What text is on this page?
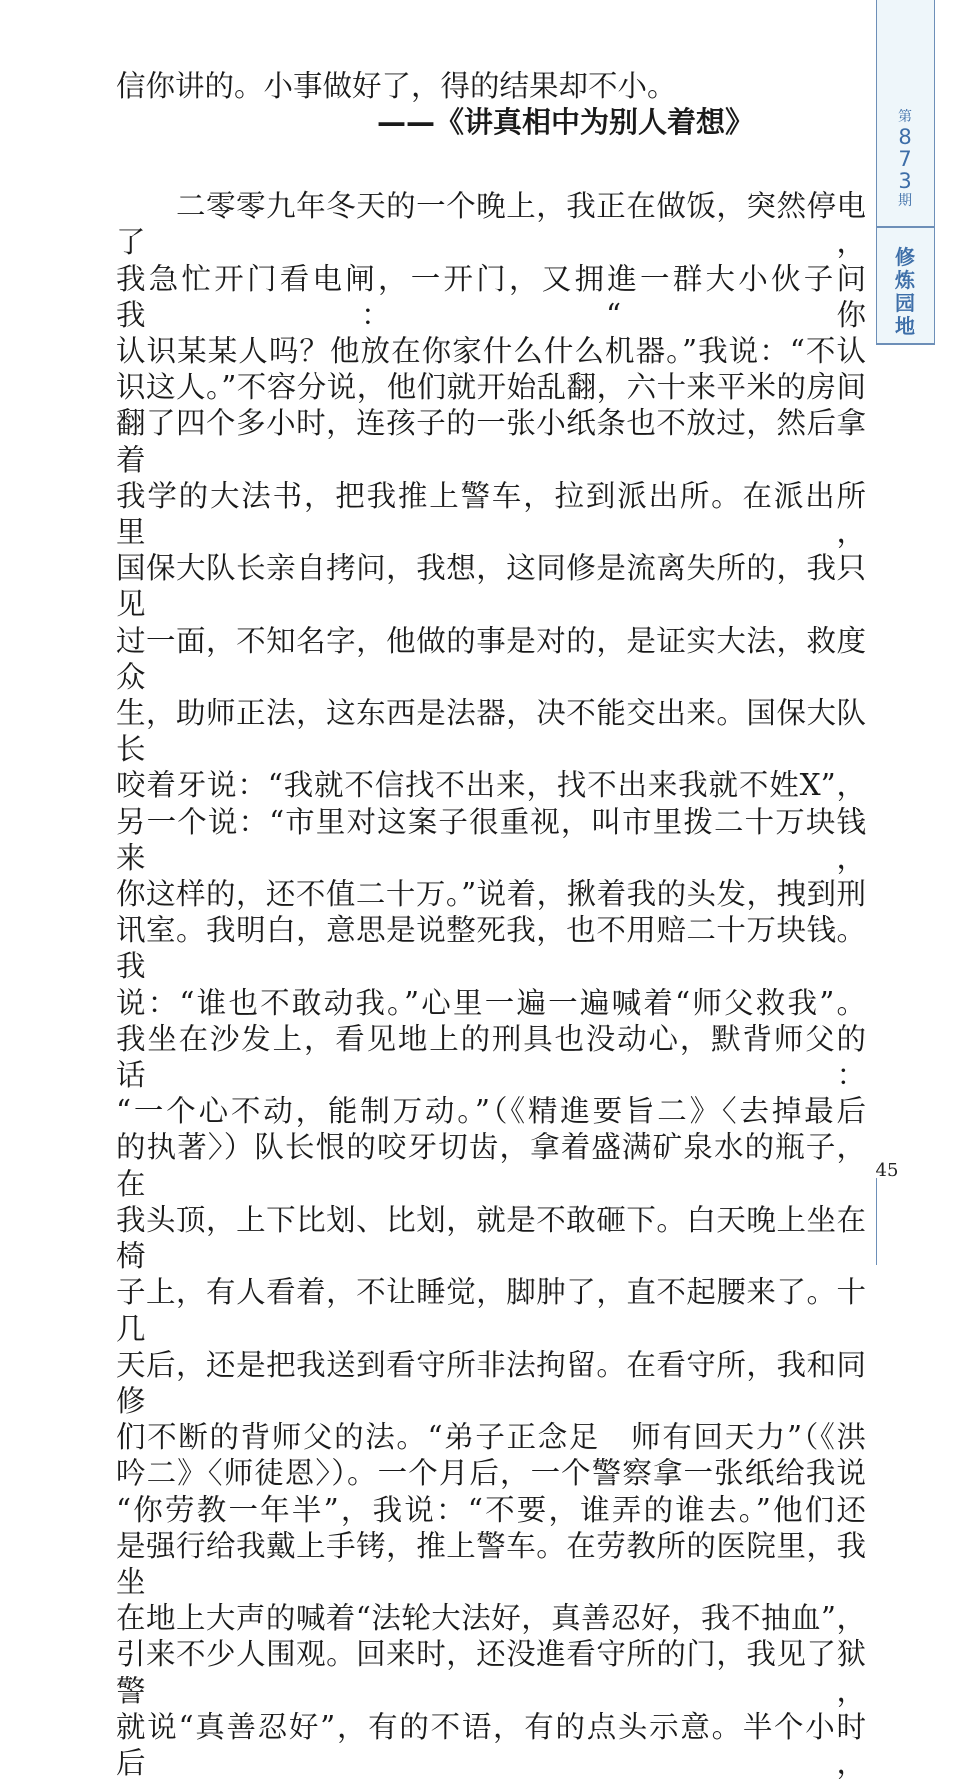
信你讲的。小事做好了，得的结果却不小。

——《讲真相中为别人着想》

二零零九年冬天的一个晚上，我正在做饭，突然停电了，

我急忙开门看电闸，一开门，又拥進一群大小伙子问我：“你

认识某某人吗？他放在你家什么什么机器。”我说：“不认

识这人。”不容分说，他们就开始乱翻，六十来平米的房间

翻了四个多小时，连孩子的一张小纸条也不放过，然后拿着

我学的大法书，把我推上警车，拉到派出所。在派出所里，

国保大队长亲自拷问，我想，这同修是流离失所的，我只见

过一面，不知名字，他做的事是对的，是证实大法，救度众

生，助师正法，这东西是法器，决不能交出来。国保大队长

咬着牙说：“我就不信找不出来，找不出来我就不姓X”，

另一个说：“市里对这案子很重视，叫市里拨二十万块钱来，

你这样的，还不值二十万。”说着，揪着我的头发，拽到刑

讯室。我明白，意思是说整死我，也不用赔二十万块钱。我

说：“谁也不敢动我。”心里一遍一遍喊着“师父救我”。

我坐在沙发上，看见地上的刑具也没动心，默背师父的话：

“一个心不动，能制万动。”（《精進要旨二》〈去掉最后

的执著〉）队长恨的咬牙切齿，拿着盛满矿泉水的瓶子，在

我头顶，上下比划、比划，就是不敢砸下。白天晚上坐在椅

子上，有人看着，不让睡觉，脚肿了，直不起腰来了。十几

天后，还是把我送到看守所非法拘留。在看守所，我和同修

们不断的背师父的法。“弟子正念足　师有回天力”（《洪

吟二》〈师徒恩〉）。一个月后，一个警察拿一张纸给我说

“你劳教一年半”，我说：“不要，谁弄的谁去。”他们还

是强行给我戴上手铐，推上警车。在劳教所的医院里，我坐

在地上大声的喊着“法轮大法好，真善忍好，我不抽血”，

引来不少人围观。回来时，还没進看守所的门，我见了狱警，

就说“真善忍好”，有的不语，有的点头示意。半个小时后，

第
8
7
3
期
修
炼
园
地
45
